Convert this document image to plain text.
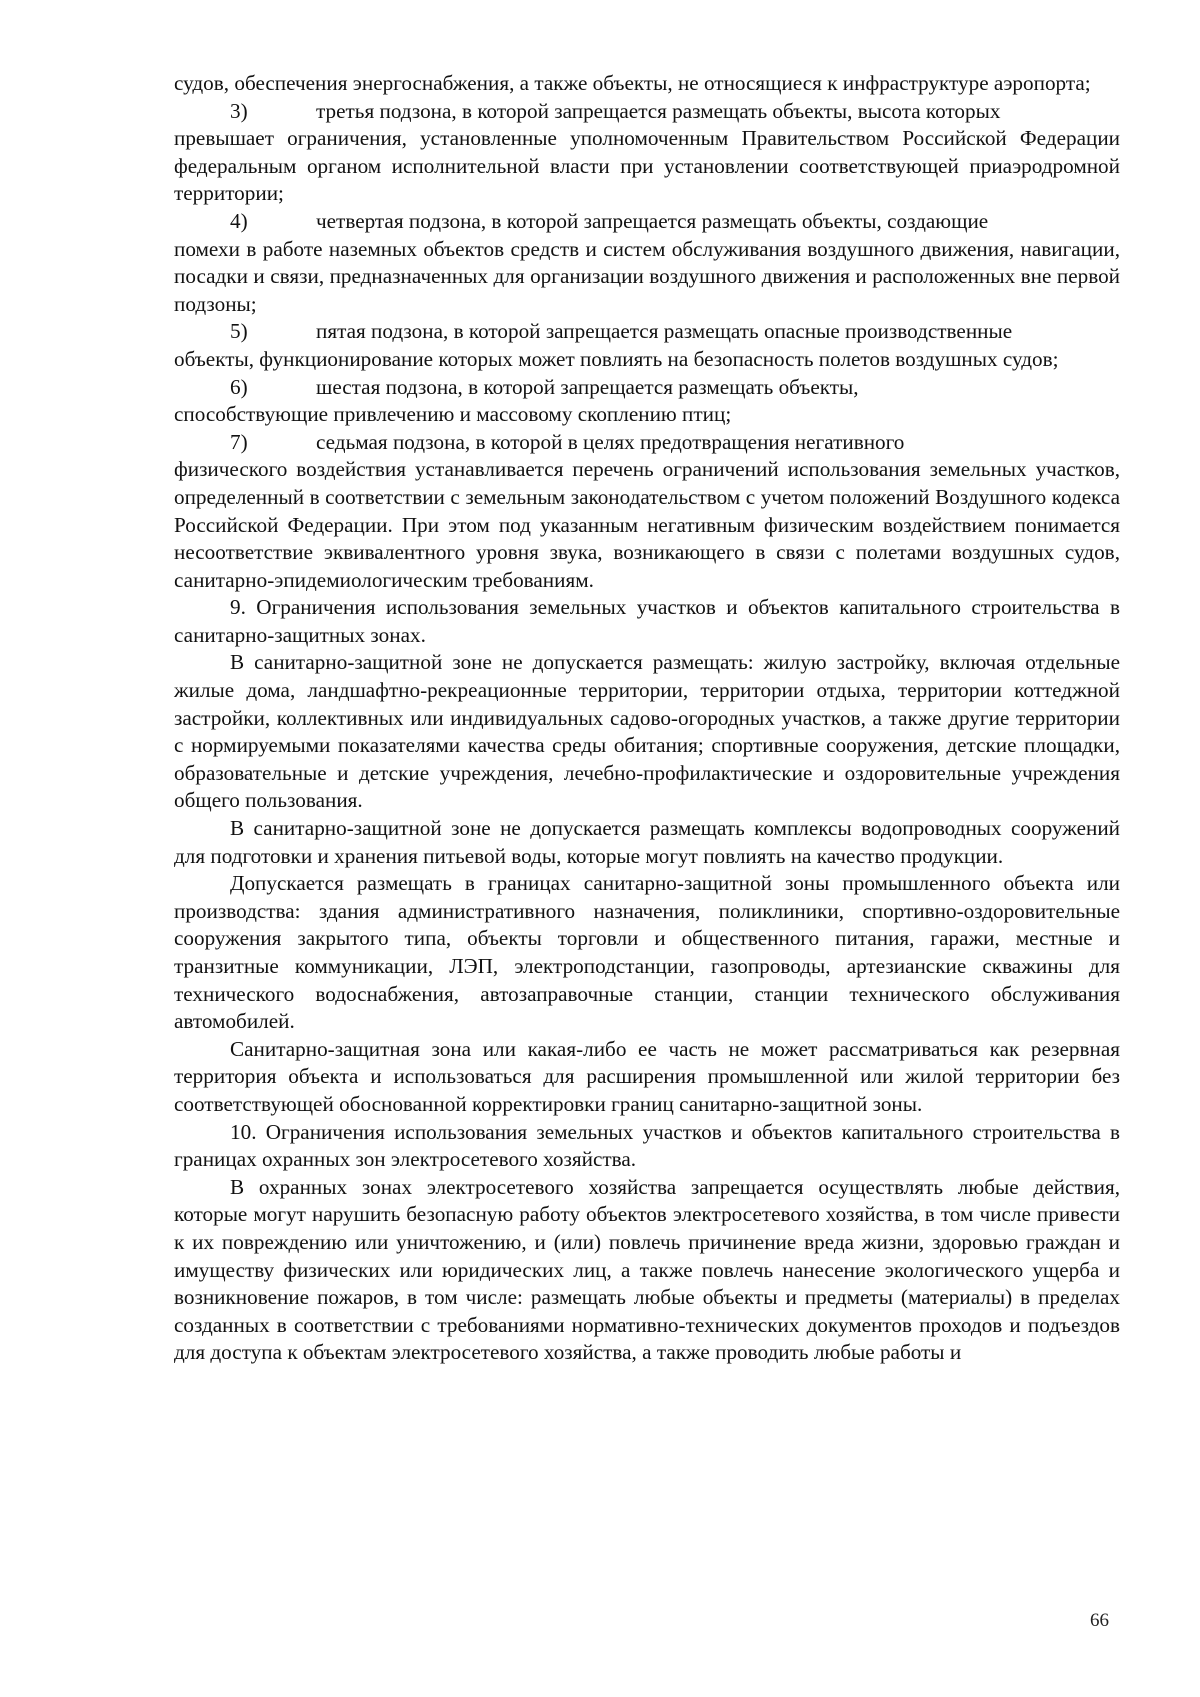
судов, обеспечения энергоснабжения, а также объекты, не относящиеся к инфраструктуре аэропорта;

3)	третья подзона, в которой запрещается размещать объекты, высота которых

превышает ограничения, установленные уполномоченным Правительством Российской Федерации федеральным органом исполнительной власти при установлении соответствующей приаэродромной территории;

4)	четвертая подзона, в которой запрещается размещать объекты, создающие

помехи в работе наземных объектов средств и систем обслуживания воздушного движения, навигации, посадки и связи, предназначенных для организации воздушного движения и расположенных вне первой подзоны;

5)	пятая подзона, в которой запрещается размещать опасные производственные

объекты, функционирование которых может повлиять на безопасность полетов воздушных судов;

6)	шестая подзона, в которой запрещается размещать объекты,

способствующие привлечению и массовому скоплению птиц;

7)	седьмая подзона, в которой в целях предотвращения негативного

физического воздействия устанавливается перечень ограничений использования земельных участков, определенный в соответствии с земельным законодательством с учетом положений Воздушного кодекса Российской Федерации. При этом под указанным негативным физическим воздействием понимается несоответствие эквивалентного уровня звука, возникающего в связи с полетами воздушных судов, санитарно-эпидемиологическим требованиям.

9. Ограничения использования земельных участков и объектов капитального строительства в санитарно-защитных зонах.

В санитарно-защитной зоне не допускается размещать: жилую застройку, включая отдельные жилые дома, ландшафтно-рекреационные территории, территории отдыха, территории коттеджной застройки, коллективных или индивидуальных садово-огородных участков, а также другие территории с нормируемыми показателями качества среды обитания; спортивные сооружения, детские площадки, образовательные и детские учреждения, лечебно-профилактические и оздоровительные учреждения общего пользования.

В санитарно-защитной зоне не допускается размещать комплексы водопроводных сооружений для подготовки и хранения питьевой воды, которые могут повлиять на качество продукции.

Допускается размещать в границах санитарно-защитной зоны промышленного объекта или производства: здания административного назначения, поликлиники, спортивно-оздоровительные сооружения закрытого типа, объекты торговли и общественного питания, гаражи, местные и транзитные коммуникации, ЛЭП, электроподстанции, газопроводы, артезианские скважины для технического водоснабжения, автозаправочные станции, станции технического обслуживания автомобилей.

Санитарно-защитная зона или какая-либо ее часть не может рассматриваться как резервная территория объекта и использоваться для расширения промышленной или жилой территории без соответствующей обоснованной корректировки границ санитарно-защитной зоны.

10. Ограничения использования земельных участков и объектов капитального строительства в границах охранных зон электросетевого хозяйства.

В охранных зонах электросетевого хозяйства запрещается осуществлять любые действия, которые могут нарушить безопасную работу объектов электросетевого хозяйства, в том числе привести к их повреждению или уничтожению, и (или) повлечь причинение вреда жизни, здоровью граждан и имуществу физических или юридических лиц, а также повлечь нанесение экологического ущерба и возникновение пожаров, в том числе: размещать любые объекты и предметы (материалы) в пределах созданных в соответствии с требованиями нормативно-технических документов проходов и подъездов для доступа к объектам электросетевого хозяйства, а также проводить любые работы и

66
